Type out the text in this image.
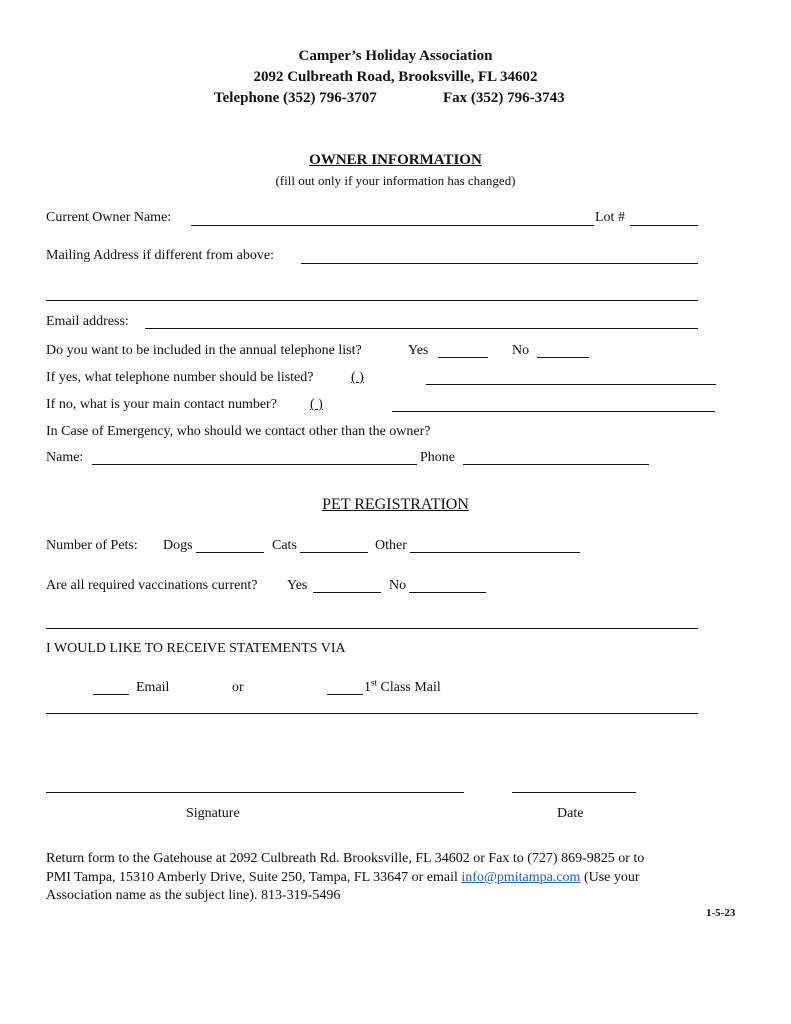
Camper’s Holiday Association
2092 Culbreath Road, Brooksville, FL 34602
Telephone (352) 796-3707	Fax (352) 796-3743
OWNER INFORMATION
(fill out only if your information has changed)
Current Owner Name:	Lot #
Mailing Address if different from above:
Email address:
Do you want to be included in the annual telephone list?	Yes	No
If yes, what telephone number should be listed?	( )
If no, what is your main contact number? ( )
In Case of Emergency, who should we contact other than the owner?
Name:	Phone
PET REGISTRATION
Number of Pets: Dogs	Cats	Other
Are all required vaccinations current? Yes	No
I WOULD LIKE TO RECEIVE STATEMENTS VIA
Email	or	1st Class Mail
Signature	Date
Return form to the Gatehouse at 2092 Culbreath Rd. Brooksville, FL 34602 or Fax to (727) 869-9825 or to
PMI Tampa, 15310 Amberly Drive, Suite 250, Tampa, FL 33647 or email info@pmitampa.com (Use your
Association name as the subject line). 813-319-5496
1-5-23
